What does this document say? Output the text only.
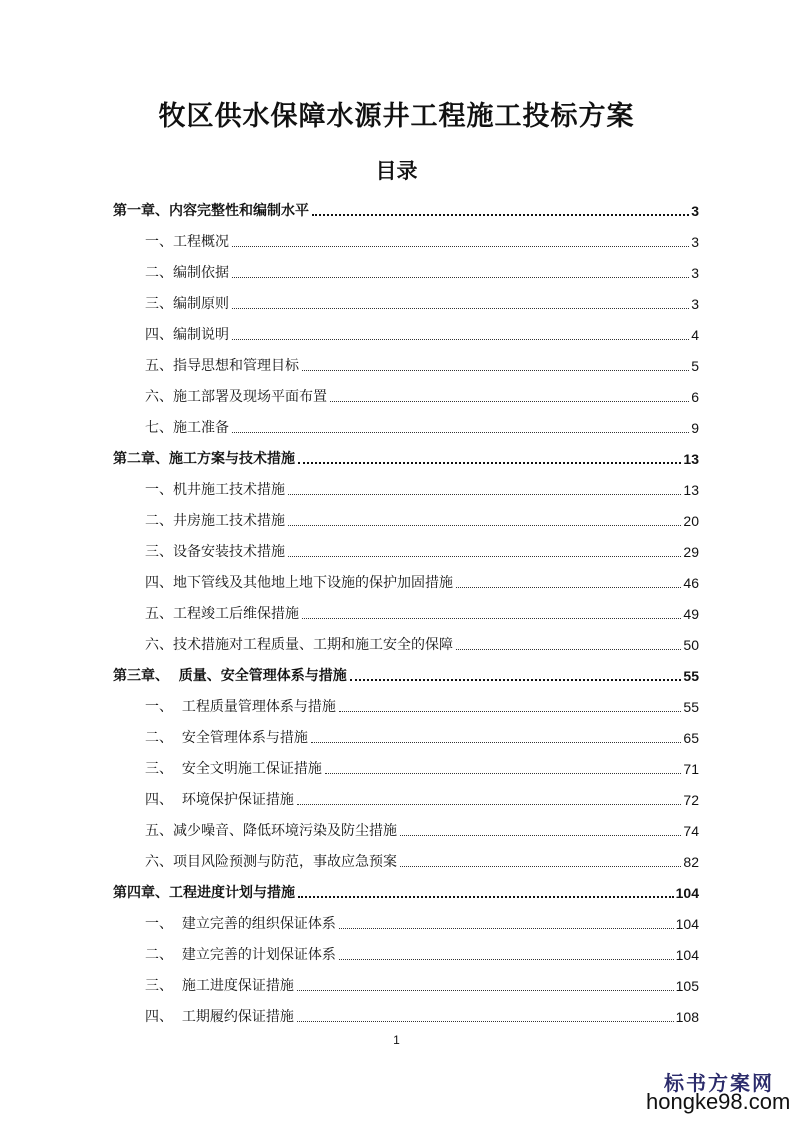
牧区供水保障水源井工程施工投标方案
目录
第一章、内容完整性和编制水平	3
一、工程概况	3
二、编制依据	3
三、编制原则	3
四、编制说明	4
五、指导思想和管理目标	5
六、施工部署及现场平面布置	6
七、施工准备	9
第二章、施工方案与技术措施	13
一、机井施工技术措施	13
二、井房施工技术措施	20
三、设备安装技术措施	29
四、地下管线及其他地上地下设施的保护加固措施	46
五、工程竣工后维保措施	49
六、技术措施对工程质量、工期和施工安全的保障	50
第三章、  质量、安全管理体系与措施	55
一、  工程质量管理体系与措施	55
二、  安全管理体系与措施	65
三、  安全文明施工保证措施	71
四、  环境保护保证措施	72
五、减少噪音、降低环境污染及防尘措施	74
六、项目风险预测与防范，事故应急预案	82
第四章、工程进度计划与措施	104
一、  建立完善的组织保证体系	104
二、  建立完善的计划保证体系	104
三、  施工进度保证措施	105
四、  工期履约保证措施	108
1
标书方案网
hongke98.com
